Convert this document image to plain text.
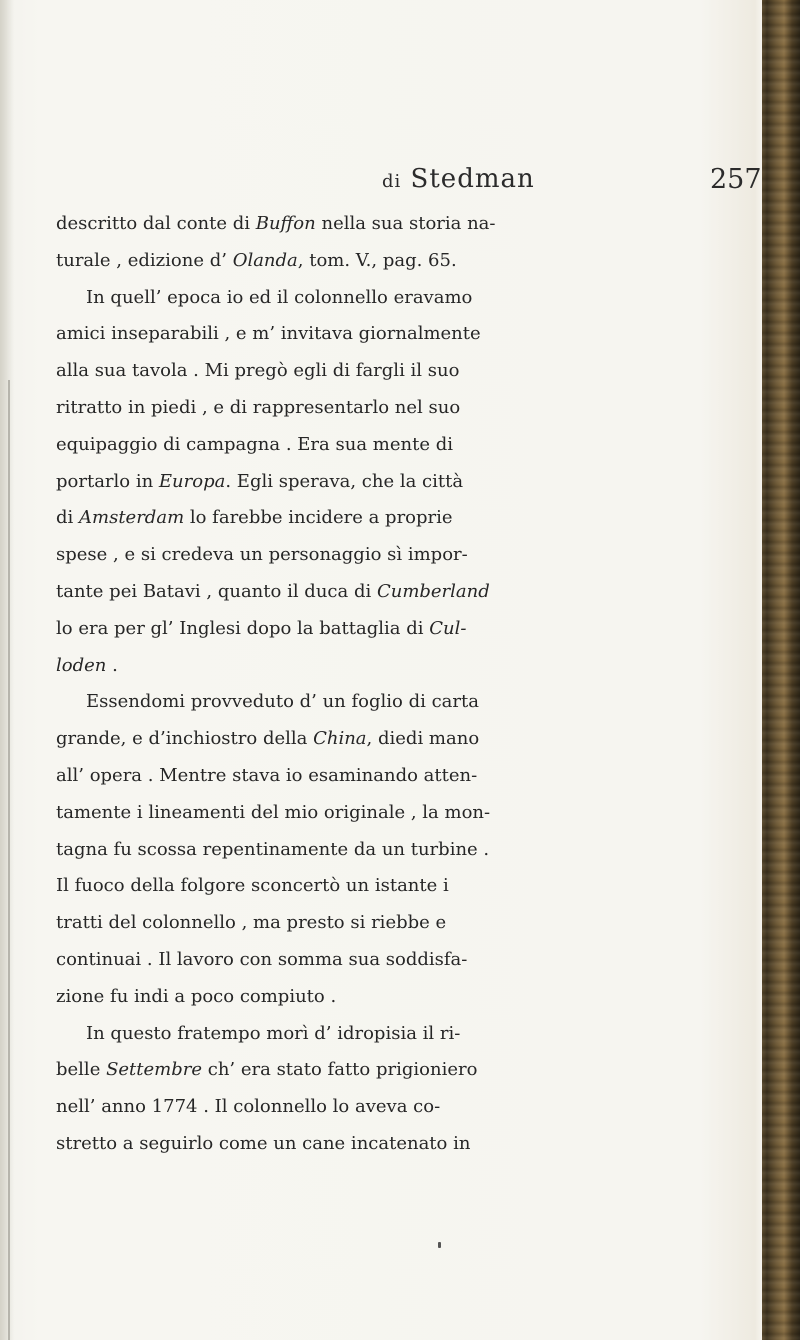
di Stedman	257
descritto dal conte di Buffon nella sua storia na-
turale , edizione d’ Olanda, tom. V., pag. 65.
In quell’ epoca io ed il colonnello eravamo
amici inseparabili , e m’ invitava giornalmente
alla sua tavola . Mi pregò egli di fargli il suo
ritratto in piedi , e di rappresentarlo nel suo
equipaggio di campagna . Era sua mente di
portarlo in Europa. Egli sperava, che la città
di Amsterdam lo farebbe incidere a proprie
spese , e si credeva un personaggio sì impor-
tante pei Batavi , quanto il duca di Cumberland
lo era per gl’ Inglesi dopo la battaglia di Cul-
loden .
Essendomi provveduto d’ un foglio di carta
grande, e d’inchiostro della China, diedi mano
all’ opera . Mentre stava io esaminando atten-
tamente i lineamenti del mio originale , la mon-
tagna fu scossa repentinamente da un turbine .
Il fuoco della folgore sconcertò un istante i
tratti del colonnello , ma presto si riebbe e
continuai . Il lavoro con somma sua soddisfa-
zione fu indi a poco compiuto .
In questo fratempo morì d’ idropisia il ri-
belle Settembre ch’ era stato fatto prigioniero
nell’ anno 1774 . Il colonnello lo aveva co-
stretto a seguirlo come un cane incatenato in
